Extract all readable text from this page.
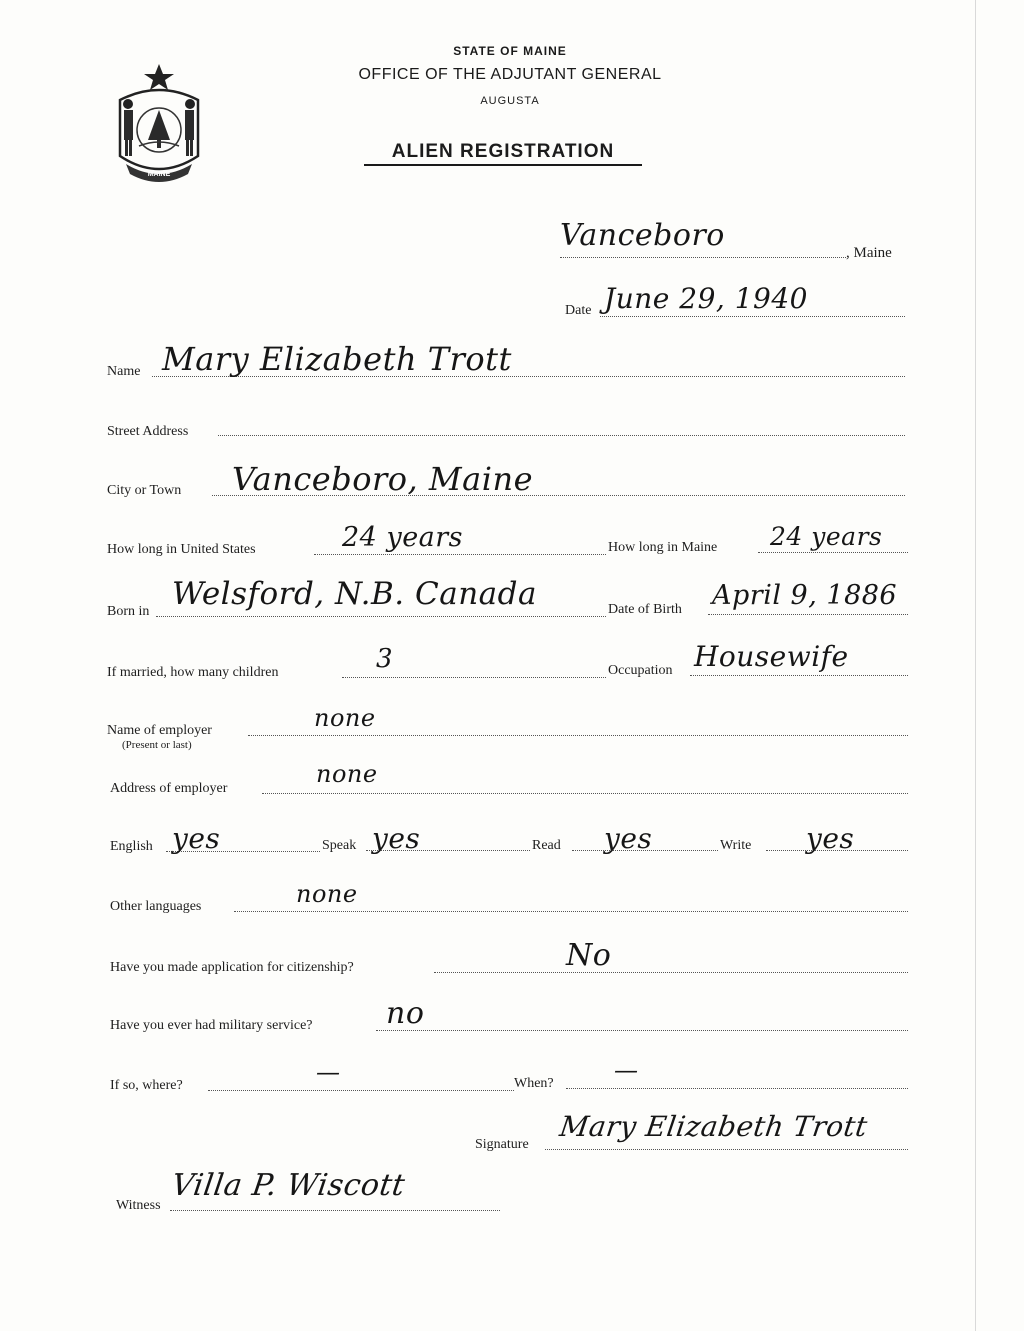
MAINE
STATE OF MAINE
OFFICE OF THE ADJUTANT GENERAL
AUGUSTA
ALIEN REGISTRATION
Vanceboro	, Maine
Date June 29, 1940
Name Mary Elizabeth Trott
Street Address
City or Town Vanceboro, Maine
How long in United States	24 years	How long in Maine 24 years
Born in Welsford, N.B. Canada	Date of Birth April 9, 1886
If married, how many children	3	Occupation Housewife
Name of employer
(Present or last)
none
Address of employer
none
English yes	Speak yes	Read yes	Write yes
Other languages	none
Have you made application for citizenship?	No
Have you ever had military service? no
If so, where?	—	When?	—
Signature
Mary Elizabeth Trott
Witness
Villa P. Wiscott
